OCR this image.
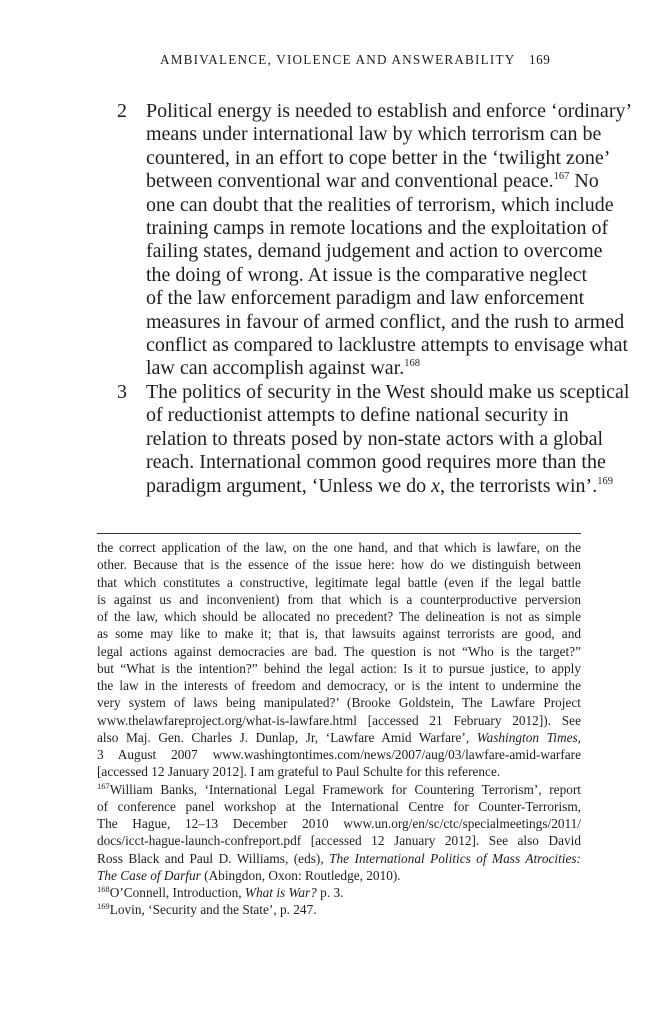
AMBIVALENCE, VIOLENCE AND ANSWERABILITY 169
2 Political energy is needed to establish and enforce ‘ordinary’
means under international law by which terrorism can be
countered, in an effort to cope better in the ‘twilight zone’
between conventional war and conventional peace.$^{167}$ No
one can doubt that the realities of terrorism, which include
training camps in remote locations and the exploitation of
failing states, demand judgement and action to overcome
the doing of wrong. At issue is the comparative neglect
of the law enforcement paradigm and law enforcement
measures in favour of armed conflict, and the rush to armed
conflict as compared to lacklustre attempts to envisage what
law can accomplish against war.$^{168}$

3 The politics of security in the West should make us sceptical
of reductionist attempts to define national security in
relation to threats posed by non-state actors with a global
reach. International common good requires more than the
paradigm argument, ‘Unless we do x, the terrorists win’.$^{169}$

the correct application of the law, on the one hand, and that which is lawfare, on the
other. Because that is the essence of the issue here: how do we distinguish between
that which constitutes a constructive, legitimate legal battle (even if the legal battle
is against us and inconvenient) from that which is a counterproductive perversion
of the law, which should be allocated no precedent? The delineation is not as simple
as some may like to make it; that is, that lawsuits against terrorists are good, and
legal actions against democracies are bad. The question is not “Who is the target?”
but “What is the intention?” behind the legal action: Is it to pursue justice, to apply
the law in the interests of freedom and democracy, or is the intent to undermine the
very system of laws being manipulated?’ (Brooke Goldstein, The Lawfare Project
www.thelawfareproject.org/what-is-lawfare.html [accessed 21 February 2012]). See
also Maj. Gen. Charles J. Dunlap, Jr, ‘Lawfare Amid Warfare’, Washington Times,
3 August 2007 www.washingtontimes.com/news/2007/aug/03/lawfare-amid-warfare
[accessed 12 January 2012]. I am grateful to Paul Schulte for this reference.
$^{167}$William Banks, ‘International Legal Framework for Countering Terrorism’, report
of conference panel workshop at the International Centre for Counter-Terrorism,
The Hague, 12–13 December 2010 www.un.org/en/sc/ctc/specialmeetings/2011/
docs/icct-hague-launch-confreport.pdf [accessed 12 January 2012]. See also David
Ross Black and Paul D. Williams, (eds), The International Politics of Mass Atrocities:
The Case of Darfur (Abingdon, Oxon: Routledge, 2010).
$^{168}$O’Connell, Introduction, What is War? p. 3.
$^{169}$Lovin, ‘Security and the State’, p. 247.
